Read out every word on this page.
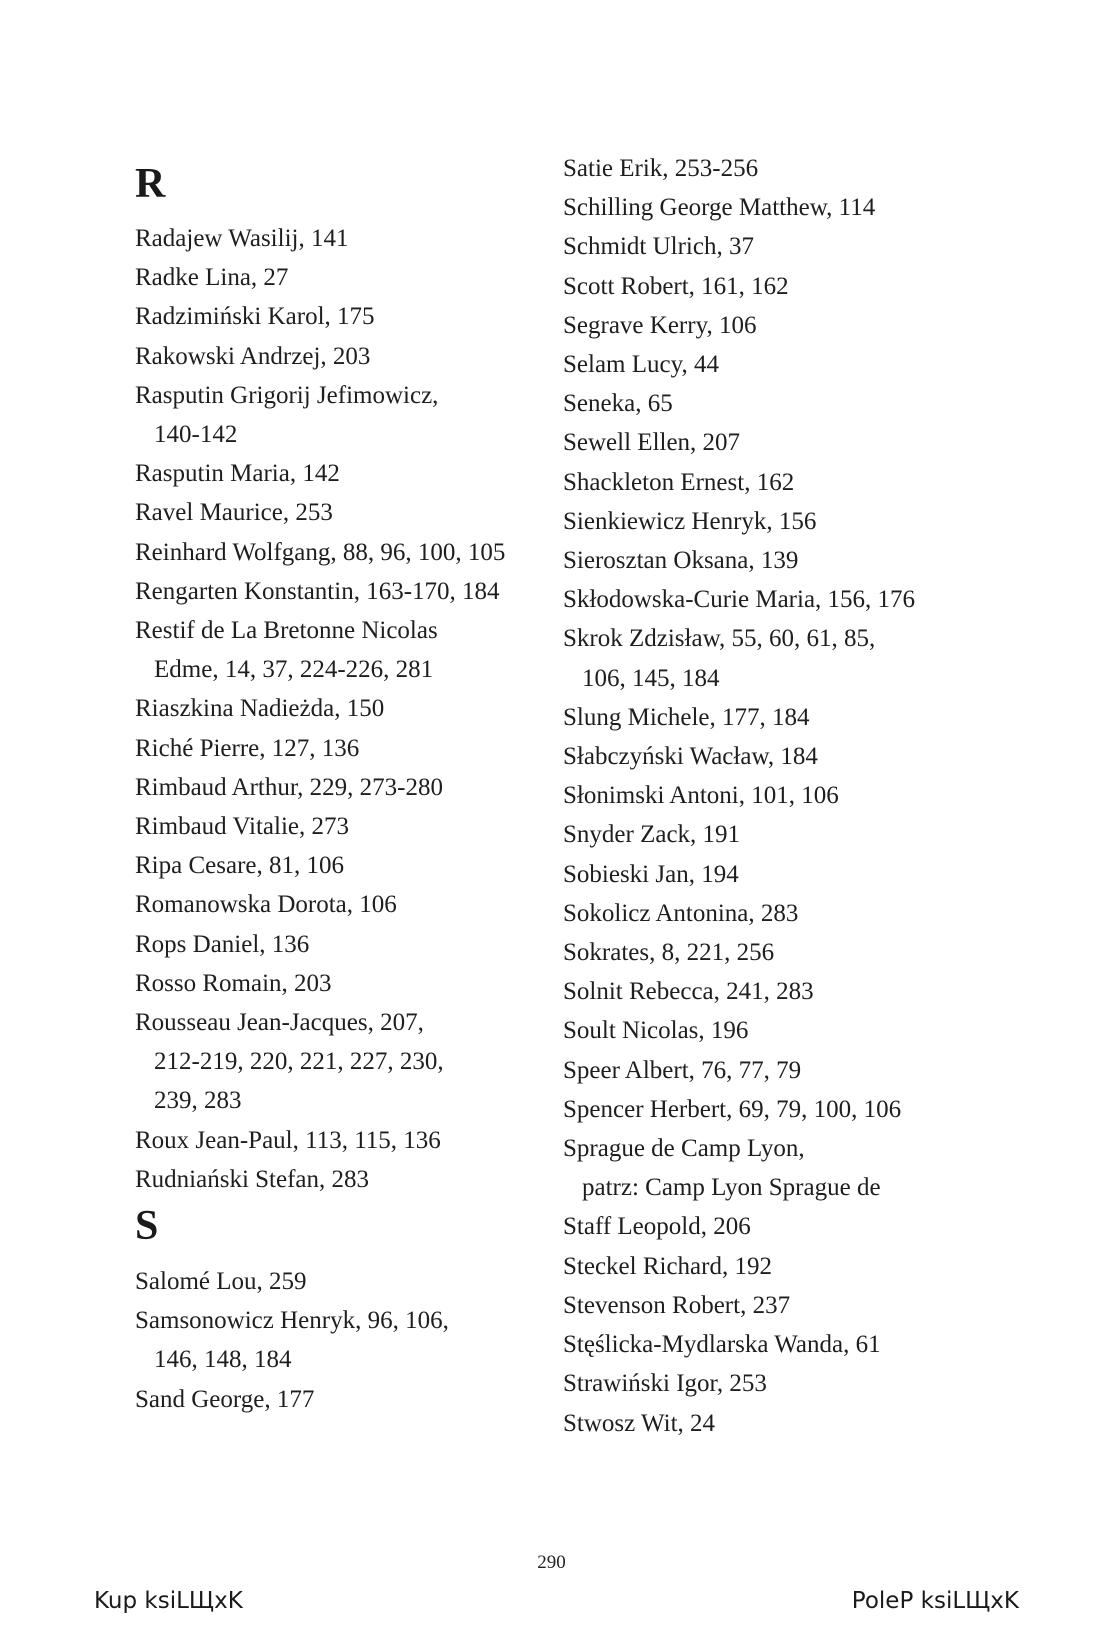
R
Radajew Wasilij, 141
Radke Lina, 27
Radzimiński Karol, 175
Rakowski Andrzej, 203
Rasputin Grigorij Jefimowicz,
140-142
Rasputin Maria, 142
Ravel Maurice, 253
Reinhard Wolfgang, 88, 96, 100, 105
Rengarten Konstantin, 163-170, 184
Restif de La Bretonne Nicolas
Edme, 14, 37, 224-226, 281
Riaszkina Nadieżda, 150
Riché Pierre, 127, 136
Rimbaud Arthur, 229, 273-280
Rimbaud Vitalie, 273
Ripa Cesare, 81, 106
Romanowska Dorota, 106
Rops Daniel, 136
Rosso Romain, 203
Rousseau Jean-Jacques, 207,
212-219, 220, 221, 227, 230,
239, 283
Roux Jean-Paul, 113, 115, 136
Rudniański Stefan, 283
S
Salomé Lou, 259
Samsonowicz Henryk, 96, 106,
146, 148, 184
Sand George, 177
Satie Erik, 253-256
Schilling George Matthew, 114
Schmidt Ulrich, 37
Scott Robert, 161, 162
Segrave Kerry, 106
Selam Lucy, 44
Seneka, 65
Sewell Ellen, 207
Shackleton Ernest, 162
Sienkiewicz Henryk, 156
Sierosztan Oksana, 139
Skłodowska-Curie Maria, 156, 176
Skrok Zdzisław, 55, 60, 61, 85,
106, 145, 184
Slung Michele, 177, 184
Słabczyński Wacław, 184
Słonimski Antoni, 101, 106
Snyder Zack, 191
Sobieski Jan, 194
Sokolicz Antonina, 283
Sokrates, 8, 221, 256
Solnit Rebecca, 241, 283
Soult Nicolas, 196
Speer Albert, 76, 77, 79
Spencer Herbert, 69, 79, 100, 106
Sprague de Camp Lyon,
patrz: Camp Lyon Sprague de
Staff Leopold, 206
Steckel Richard, 192
Stevenson Robert, 237
Stęślicka-Mydlarska Wanda, 61
Strawiński Igor, 253
Stwosz Wit, 24
290
Kup ksiLЩxK	PoleP ksiLЩxK
